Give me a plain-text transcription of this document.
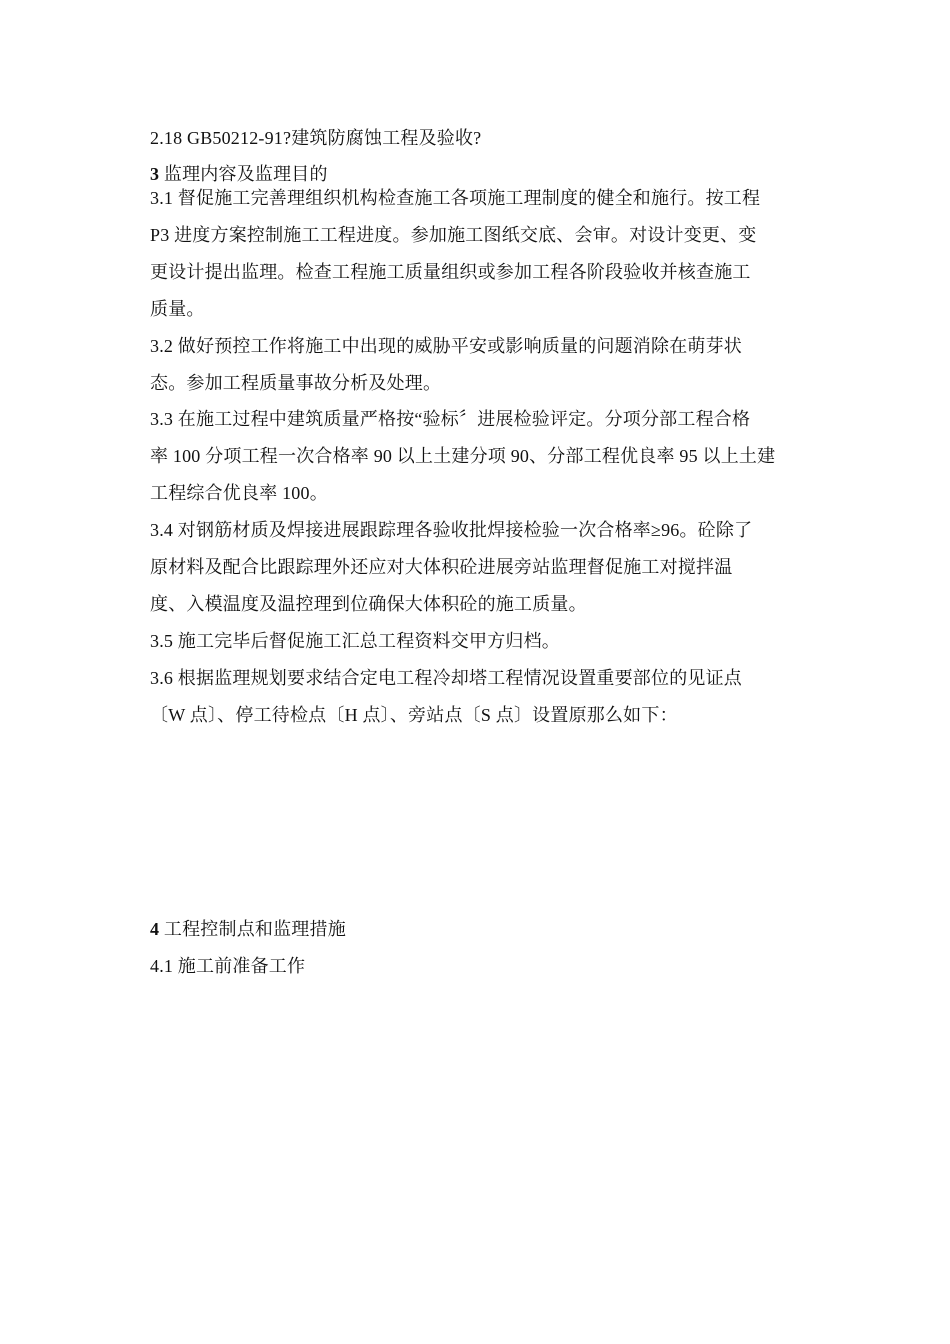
2.18 GB50212-91?建筑防腐蚀工程及验收?
3 监理内容及监理目的
3.1 督促施工完善理组织机构检查施工各项施工理制度的健全和施行。按工程
P3 进度方案控制施工工程进度。参加施工图纸交底、会审。对设计变更、变
更设计提出监理。检查工程施工质量组织或参加工程各阶段验收并核查施工
质量。
3.2 做好预控工作将施工中出现的威胁平安或影响质量的问题消除在萌芽状
态。参加工程质量事故分析及处理。
3.3 在施工过程中建筑质量严格按“验标〞进展检验评定。分项分部工程合格
率 100 分项工程一次合格率 90 以上土建分项 90、分部工程优良率 95 以上土建
工程综合优良率 100。
3.4 对钢筋材质及焊接进展跟踪理各验收批焊接检验一次合格率≥96。砼除了
原材料及配合比跟踪理外还应对大体积砼进展旁站监理督促施工对搅拌温
度、入模温度及温控理到位确保大体积砼的施工质量。
3.5 施工完毕后督促施工汇总工程资料交甲方归档。
3.6 根据监理规划要求结合定电工程冷却塔工程情况设置重要部位的见证点
〔W 点〕、停工待检点〔H 点〕、旁站点〔S 点〕设置原那么如下：
4 工程控制点和监理措施
4.1 施工前准备工作
